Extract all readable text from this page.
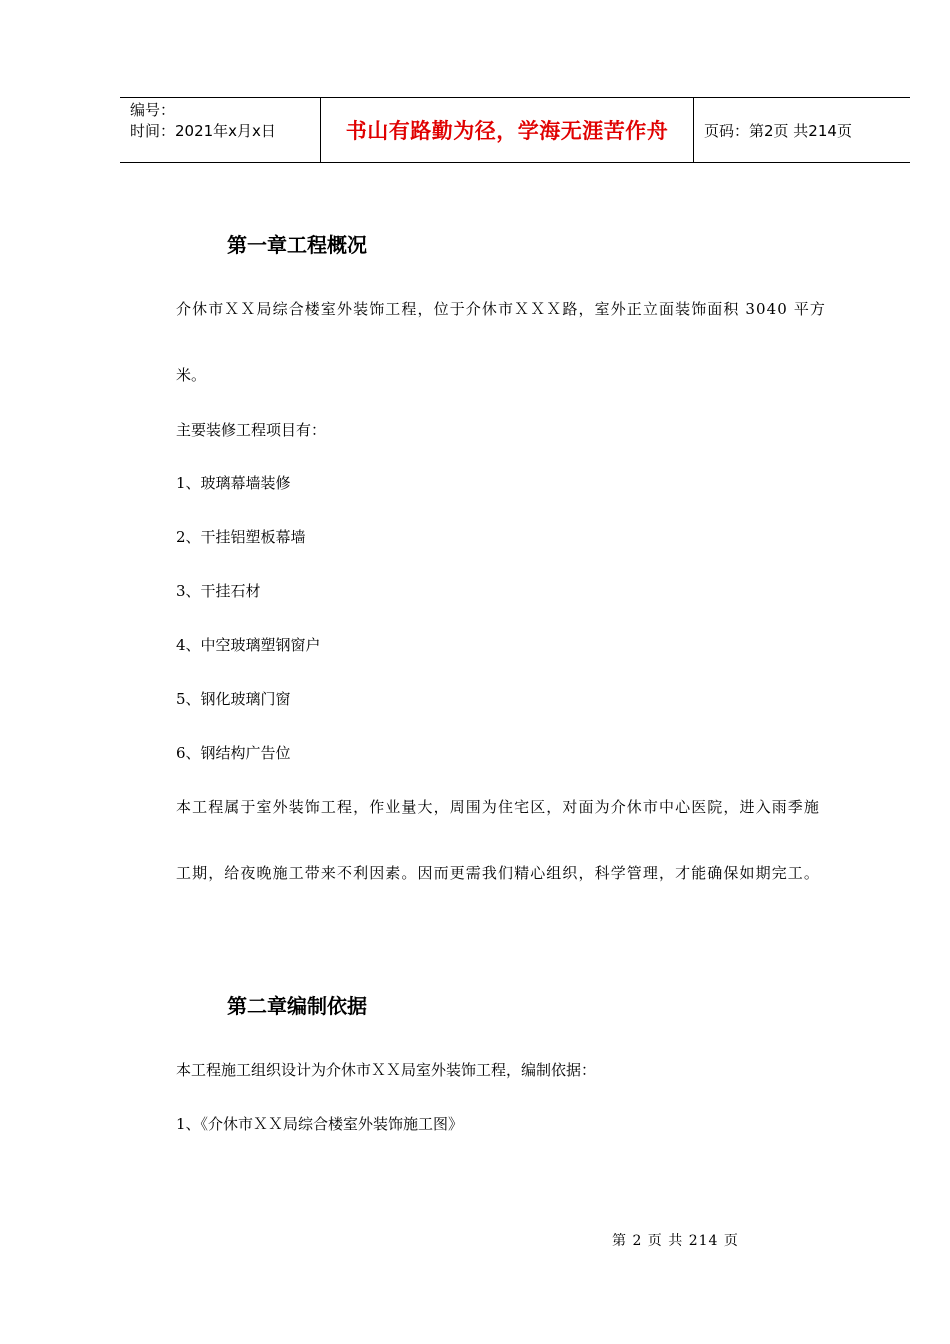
编号：
时间：2021年x月x日	书山有路勤为径，学海无涯苦作舟	页码：第2页 共214页
第一章工程概况
介休市ＸＸ局综合楼室外装饰工程，位于介休市ＸＸＸ路，室外正立面装饰面积 3040 平方
米。
主要装修工程项目有：
1、玻璃幕墙装修
2、干挂铝塑板幕墙
3、干挂石材
4、中空玻璃塑钢窗户
5、钢化玻璃门窗
6、钢结构广告位
本工程属于室外装饰工程，作业量大，周围为住宅区，对面为介休市中心医院，进入雨季施
工期，给夜晚施工带来不利因素。因而更需我们精心组织，科学管理，才能确保如期完工。
第二章编制依据
本工程施工组织设计为介休市ＸＸ局室外装饰工程，编制依据：
1、《介休市ＸＸ局综合楼室外装饰施工图》
第 2 页 共 214 页
